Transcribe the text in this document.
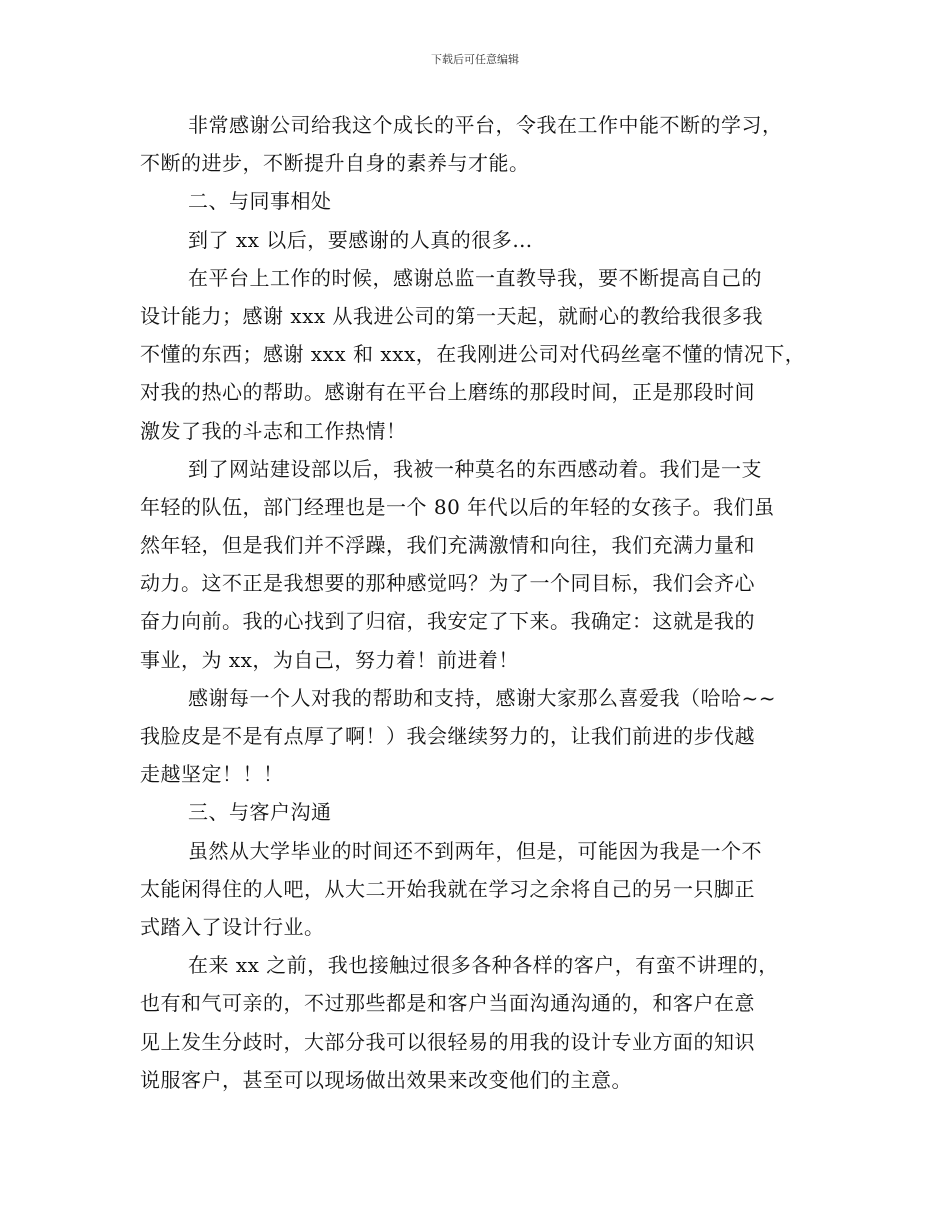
下载后可任意编辑
非常感谢公司给我这个成长的平台，令我在工作中能不断的学习，
不断的进步，不断提升自身的素养与才能。
二、与同事相处
到了 xx 以后，要感谢的人真的很多…
在平台上工作的时候，感谢总监一直教导我，要不断提高自己的
设计能力；感谢 xxx 从我进公司的第一天起，就耐心的教给我很多我
不懂的东西；感谢 xxx 和 xxx，在我刚进公司对代码丝毫不懂的情况下，
对我的热心的帮助。感谢有在平台上磨练的那段时间，正是那段时间
激发了我的斗志和工作热情！
到了网站建设部以后，我被一种莫名的东西感动着。我们是一支
年轻的队伍，部门经理也是一个 80 年代以后的年轻的女孩子。我们虽
然年轻，但是我们并不浮躁，我们充满激情和向往，我们充满力量和
动力。这不正是我想要的那种感觉吗？为了一个同目标，我们会齐心
奋力向前。我的心找到了归宿，我安定了下来。我确定：这就是我的
事业，为 xx，为自己，努力着！前进着！
感谢每一个人对我的帮助和支持，感谢大家那么喜爱我（哈哈~~
我脸皮是不是有点厚了啊！）我会继续努力的，让我们前进的步伐越
走越坚定！！！
三、与客户沟通
虽然从大学毕业的时间还不到两年，但是，可能因为我是一个不
太能闲得住的人吧，从大二开始我就在学习之余将自己的另一只脚正
式踏入了设计行业。
在来 xx 之前，我也接触过很多各种各样的客户，有蛮不讲理的，
也有和气可亲的，不过那些都是和客户当面沟通沟通的，和客户在意
见上发生分歧时，大部分我可以很轻易的用我的设计专业方面的知识
说服客户，甚至可以现场做出效果来改变他们的主意。
